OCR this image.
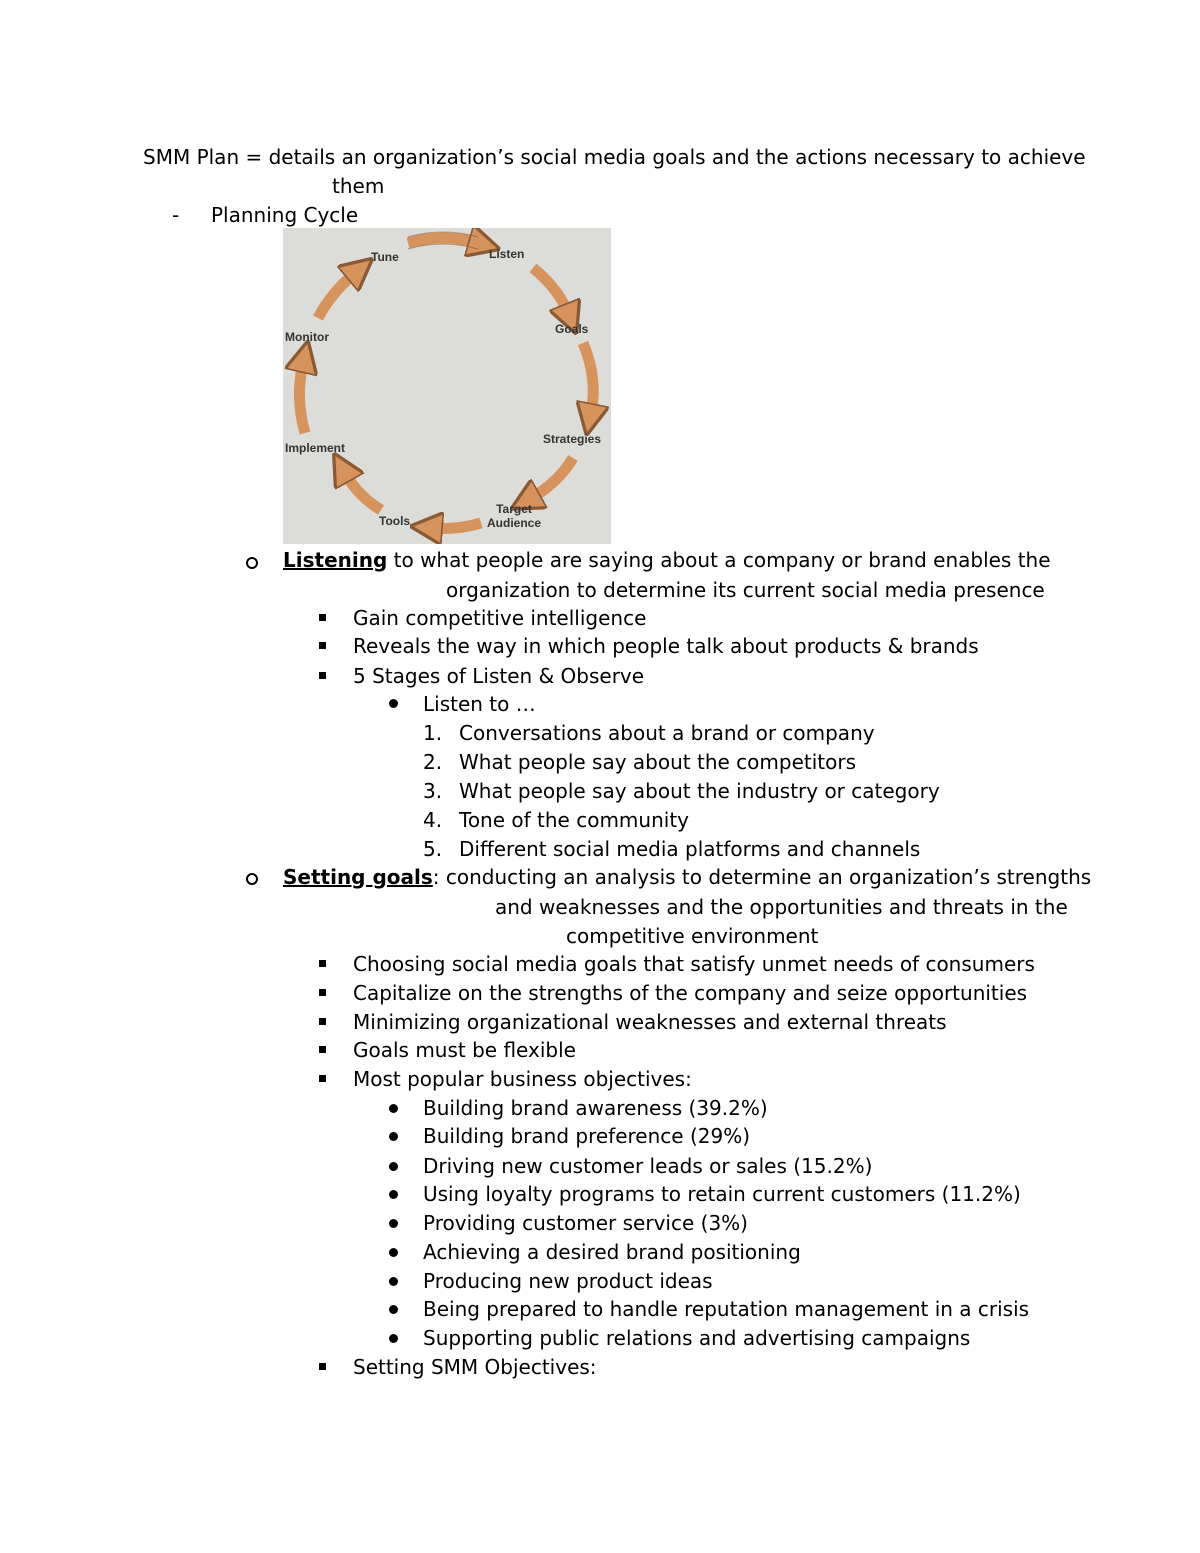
SMM Plan = details an organization’s social media goals and the actions necessary to achieve
them
- Planning Cycle
Tune	Listen
Goals
Strategies
Target
Audience
Tools
Implement
Monitor
Listening to what people are saying about a company or brand enables the
organization to determine its current social media presence
Gain competitive intelligence
Reveals the way in which people talk about products & brands
5 Stages of Listen & Observe
Listen to …
1. Conversations about a brand or company
2. What people say about the competitors
3. What people say about the industry or category
4. Tone of the community
5. Different social media platforms and channels
Setting goals: conducting an analysis to determine an organization’s strengths
and weaknesses and the opportunities and threats in the
competitive environment
Choosing social media goals that satisfy unmet needs of consumers
Capitalize on the strengths of the company and seize opportunities
Minimizing organizational weaknesses and external threats
Goals must be flexible
Most popular business objectives:
Building brand awareness (39.2%)
Building brand preference (29%)
Driving new customer leads or sales (15.2%)
Using loyalty programs to retain current customers (11.2%)
Providing customer service (3%)
Achieving a desired brand positioning
Producing new product ideas
Being prepared to handle reputation management in a crisis
Supporting public relations and advertising campaigns
Setting SMM Objectives:
